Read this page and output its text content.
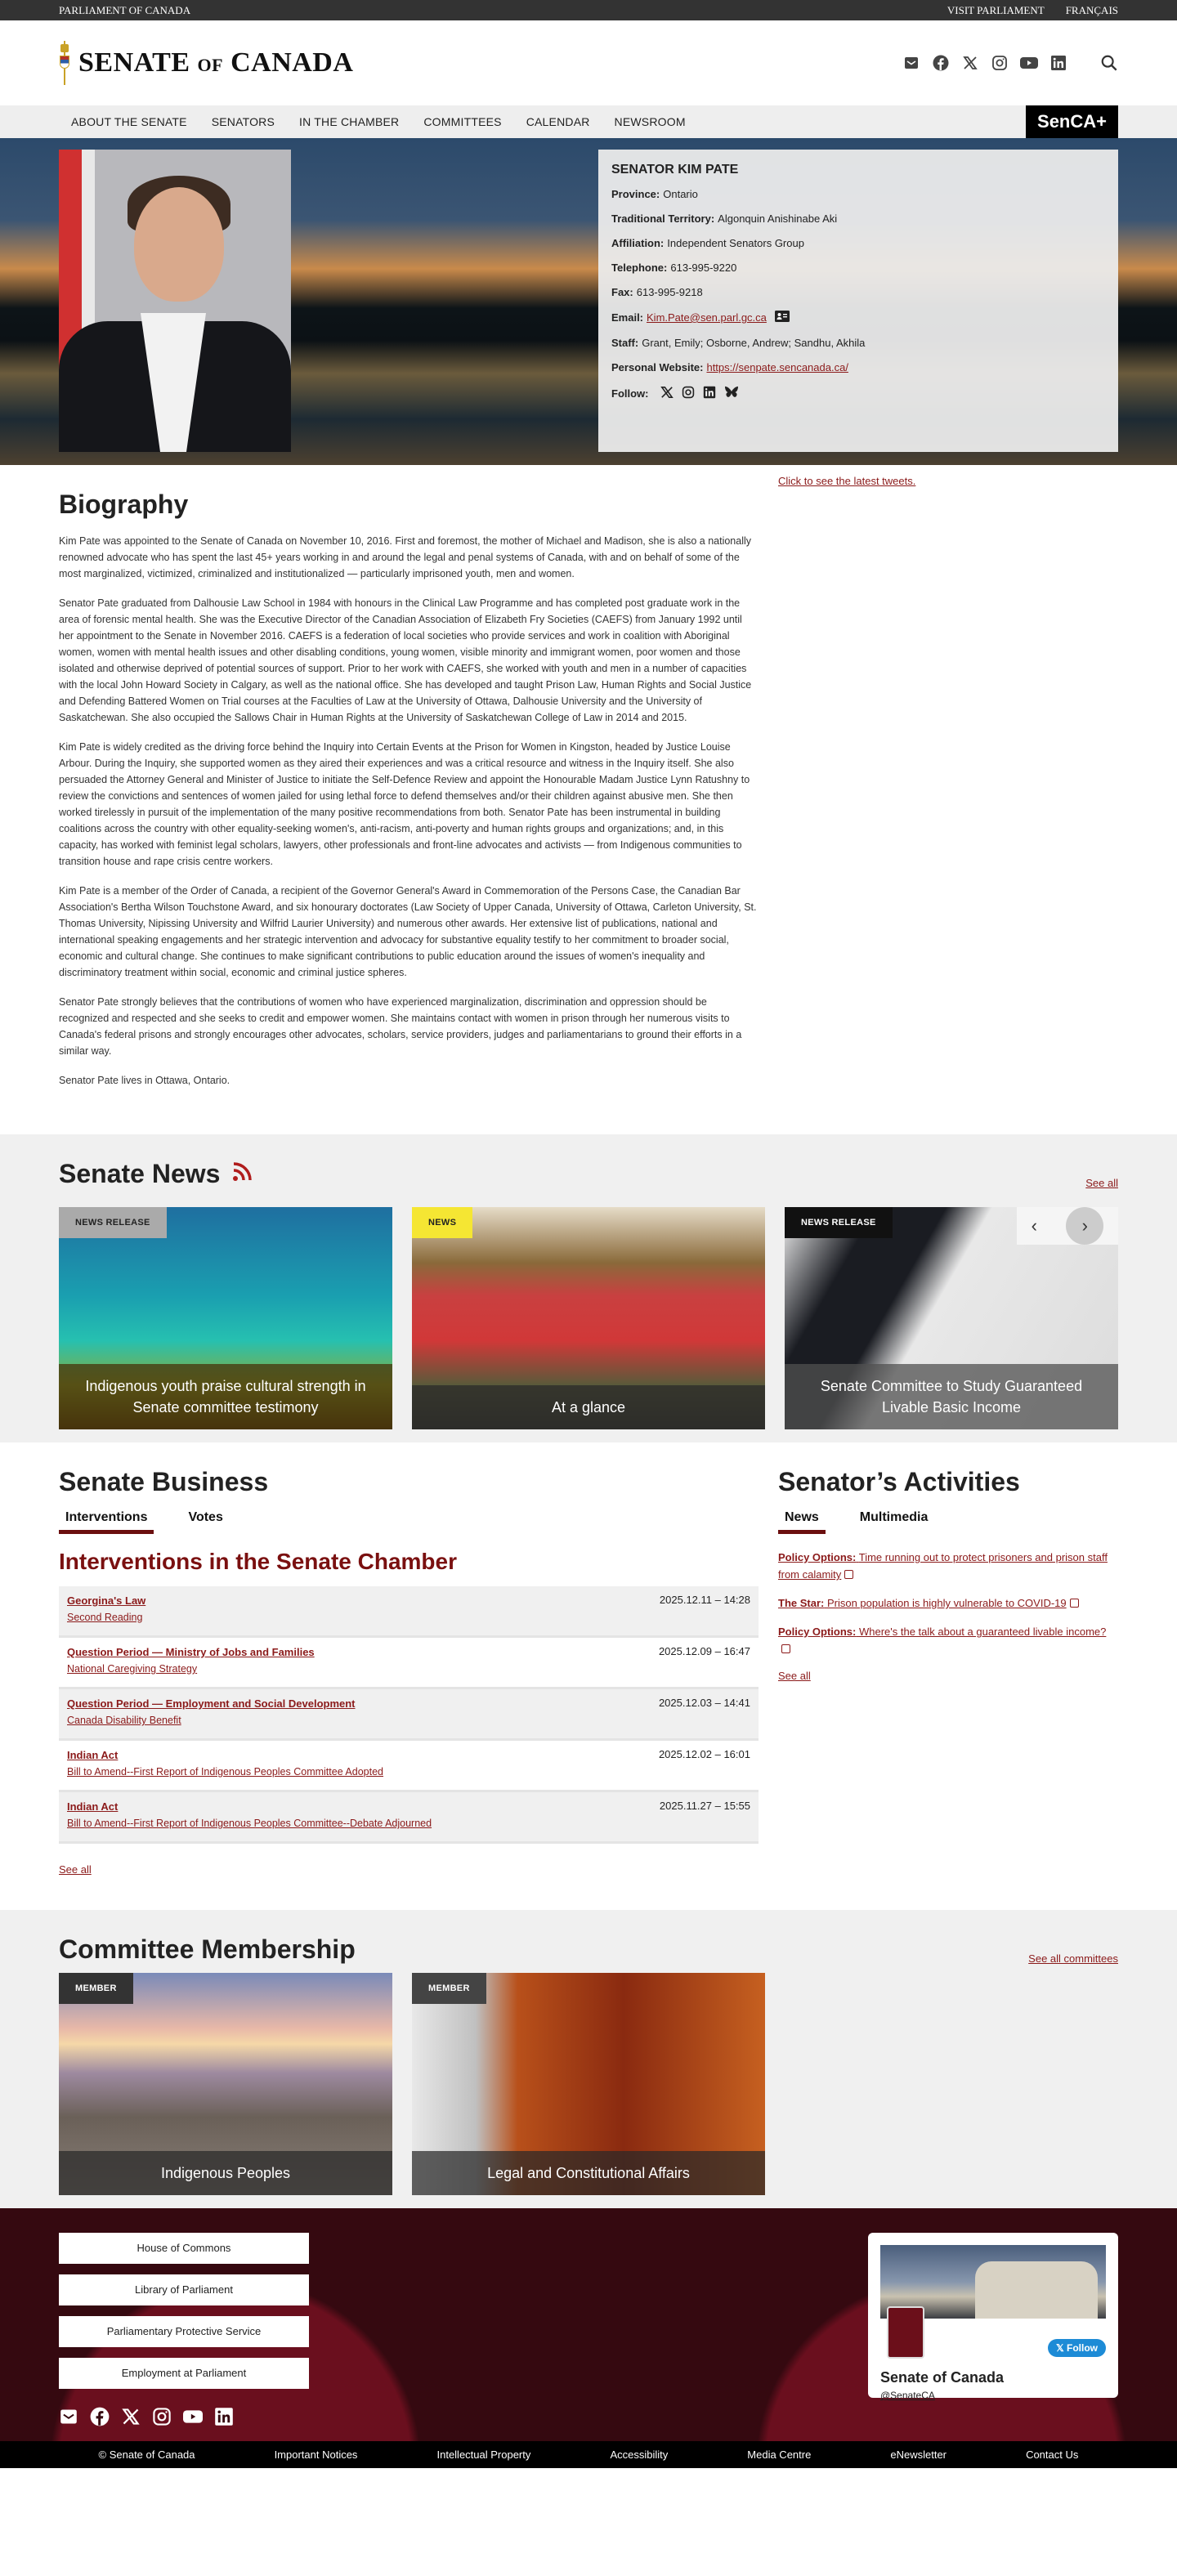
PARLIAMENT OF CANADA	VISIT PARLIAMENT FRANÇAIS
SENATE OF CANADA
ABOUT THE SENATE SENATORS IN THE CHAMBER COMMITTEES CALENDAR NEWSROOM	SenCA+
SENATOR KIM PATE
Province: Ontario
Traditional Territory: Algonquin Anishinabe Aki
Affiliation: Independent Senators Group
Telephone: 613-995-9220
Fax: 613-995-9218
Email: Kim.Pate@sen.parl.gc.ca
Staff: Grant, Emily; Osborne, Andrew; Sandhu, Akhila
Personal Website: https://senpate.sencanada.ca/
Follow:
Biography

Kim Pate was appointed to the Senate of Canada on November 10, 2016. First and foremost, the mother of Michael and Madison, she is also a nationally renowned advocate who has spent the last 45+ years working in and around the legal and penal systems of Canada, with and on behalf of some of the most marginalized, victimized, criminalized and institutionalized — particularly imprisoned youth, men and women.

Senator Pate graduated from Dalhousie Law School in 1984 with honours in the Clinical Law Programme and has completed post graduate work in the area of forensic mental health. She was the Executive Director of the Canadian Association of Elizabeth Fry Societies (CAEFS) from January 1992 until her appointment to the Senate in November 2016. CAEFS is a federation of local societies who provide services and work in coalition with Aboriginal women, women with mental health issues and other disabling conditions, young women, visible minority and immigrant women, poor women and those isolated and otherwise deprived of potential sources of support. Prior to her work with CAEFS, she worked with youth and men in a number of capacities with the local John Howard Society in Calgary, as well as the national office. She has developed and taught Prison Law, Human Rights and Social Justice and Defending Battered Women on Trial courses at the Faculties of Law at the University of Ottawa, Dalhousie University and the University of Saskatchewan. She also occupied the Sallows Chair in Human Rights at the University of Saskatchewan College of Law in 2014 and 2015.

Kim Pate is widely credited as the driving force behind the Inquiry into Certain Events at the Prison for Women in Kingston, headed by Justice Louise Arbour. During the Inquiry, she supported women as they aired their experiences and was a critical resource and witness in the Inquiry itself. She also persuaded the Attorney General and Minister of Justice to initiate the Self-Defence Review and appoint the Honourable Madam Justice Lynn Ratushny to review the convictions and sentences of women jailed for using lethal force to defend themselves and/or their children against abusive men. She then worked tirelessly in pursuit of the implementation of the many positive recommendations from both. Senator Pate has been instrumental in building coalitions across the country with other equality-seeking women's, anti-racism, anti-poverty and human rights groups and organizations; and, in this capacity, has worked with feminist legal scholars, lawyers, other professionals and front-line advocates and activists — from Indigenous communities to transition house and rape crisis centre workers.

Kim Pate is a member of the Order of Canada, a recipient of the Governor General's Award in Commemoration of the Persons Case, the Canadian Bar Association's Bertha Wilson Touchstone Award, and six honourary doctorates (Law Society of Upper Canada, University of Ottawa, Carleton University, St. Thomas University, Nipissing University and Wilfrid Laurier University) and numerous other awards. Her extensive list of publications, national and international speaking engagements and her strategic intervention and advocacy for substantive equality testify to her commitment to broader social, economic and cultural change. She continues to make significant contributions to public education around the issues of women's inequality and discriminatory treatment within social, economic and criminal justice spheres.

Senator Pate strongly believes that the contributions of women who have experienced marginalization, discrimination and oppression should be recognized and respected and she seeks to credit and empower women. She maintains contact with women in prison through her numerous visits to Canada's federal prisons and strongly encourages other advocates, scholars, service providers, judges and parliamentarians to ground their efforts in a similar way.

Senator Pate lives in Ottawa, Ontario.

Click to see the latest tweets.
Senate News	See all
NEWS RELEASE
Indigenous youth praise cultural strength in Senate committee testimony
NEWS
At a glance
NEWS RELEASE	‹	›
Senate Committee to Study Guaranteed Livable Basic Income
Senate Business
Interventions	Votes
Interventions in the Senate Chamber
Georgina's Law
Second Reading
2025.12.11 – 14:28
Question Period — Ministry of Jobs and Families
National Caregiving Strategy
2025.12.09 – 16:47
Question Period — Employment and Social Development
Canada Disability Benefit
2025.12.03 – 14:41
Indian Act
Bill to Amend--First Report of Indigenous Peoples Committee Adopted
2025.12.02 – 16:01
Indian Act
Bill to Amend--First Report of Indigenous Peoples Committee--Debate Adjourned
2025.11.27 – 15:55
See all
Senator’s Activities
News	Multimedia
Policy Options: Time running out to protect prisoners and prison staff from calamity
The Star: Prison population is highly vulnerable to COVID-19
Policy Options: Where's the talk about a guaranteed livable income?
See all
Committee Membership	See all committees
MEMBER
Indigenous Peoples
MEMBER
Legal and Constitutional Affairs
House of Commons
Library of Parliament
Parliamentary Protective Service
Employment at Parliament
𝕏 Follow
Senate of Canada
@SenateCA
© Senate of Canada	Important Notices	Intellectual Property	Accessibility	Media Centre	eNewsletter	Contact Us
